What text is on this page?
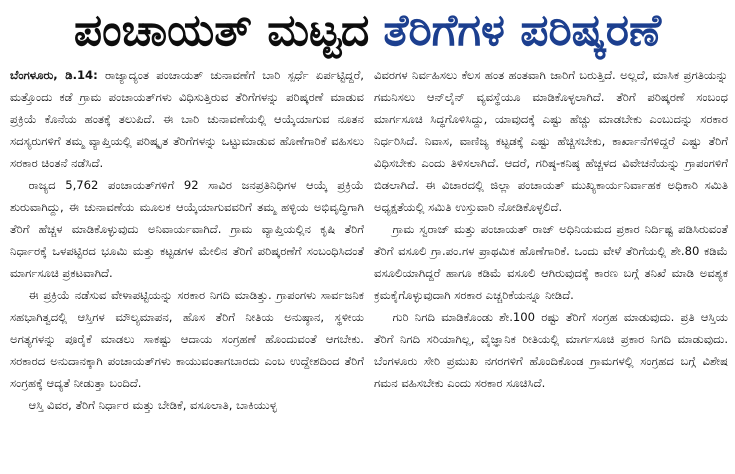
ಪಂಚಾಯತ್ ಮಟ್ಟದ ತೆರಿಗೆಗಳ ಪರಿಷ್ಕರಣೆ

ಬೆಂಗಳೂರು, ಡಿ.14: ರಾಜ್ಯಾದ್ಯಂತ ಪಂಚಾಯತ್ ಚುನಾವಣೆಗೆ ಬಾರಿ ಸ್ಪರ್ಧೆ ಏರ್ಪಟ್ಟಿದ್ದರೆ, ಮತ್ತೊಂದು ಕಡೆ ಗ್ರಾಮ ಪಂಚಾಯತ್‌ಗಳು ವಿಧಿಸುತ್ತಿರುವ ತೆರಿಗೆಗಳನ್ನು ಪರಿಷ್ಕರಣೆ ಮಾಡುವ ಪ್ರಕ್ರಿಯೆ ಕೊನೆಯ ಹಂತಕ್ಕೆ ತಲುಪಿದೆ. ಈ ಬಾರಿ ಚುನಾವಣೆಯಲ್ಲಿ ಆಯ್ಕೆಯಾಗುವ ನೂತನ ಸದಸ್ಯರುಗಳಿಗೆ ತಮ್ಮ ವ್ಯಾಪ್ತಿಯಲ್ಲಿ ಪರಿಷ್ಕೃತ ತೆರಿಗೆಗಳನ್ನು ಒಟ್ಟುಮಾಡುವ ಹೊಣೆಗಾರಿಕೆ ವಹಿಸಲು ಸರಕಾರ ಚಿಂತನೆ ನಡೆಸಿದೆ.

ರಾಜ್ಯದ 5,762 ಪಂಚಾಯತ್‌ಗಳಿಗೆ 92 ಸಾವಿರ ಜನಪ್ರತಿನಿಧಿಗಳ ಆಯ್ಕೆ ಪ್ರಕ್ರಿಯೆ ಶುರುವಾಗಿದ್ದು, ಈ ಚುನಾವಣೆಯ ಮೂಲಕ ಆಯ್ಕೆಯಾಗುವವರಿಗೆ ತಮ್ಮ ಹಳ್ಳಿಯ ಅಭಿವೃದ್ಧಿಗಾಗಿ ತೆರಿಗೆ ಹೆಚ್ಚಳ ಮಾಡಿಕೊಳ್ಳುವುದು ಅನಿವಾರ್ಯವಾಗಿದೆ. ಗ್ರಾಮ ವ್ಯಾಪ್ತಿಯಲ್ಲಿನ ಕೃಷಿ ತೆರಿಗೆ ನಿರ್ಧಾರಕ್ಕೆ ಒಳಪಟ್ಟಿರದ ಭೂಮಿ ಮತ್ತು ಕಟ್ಟಡಗಳ ಮೇಲಿನ ತೆರಿಗೆ ಪರಿಷ್ಕರಣೆಗೆ ಸಂಬಂಧಿಸಿದಂತೆ ಮಾರ್ಗಸೂಚಿ ಪ್ರಕಟವಾಗಿದೆ.

ಈ ಪ್ರಕ್ರಿಯೆ ನಡೆಸುವ ವೇಳಾಪಟ್ಟಿಯನ್ನು ಸರಕಾರ ನಿಗದಿ ಮಾಡಿತ್ತು. ಗ್ರಾಪಂಗಳು ಸಾರ್ವಜನಿಕ ಸಹಭಾಗಿತ್ವದಲ್ಲಿ ಆಸ್ತಿಗಳ ಮೌಲ್ಯಮಾಪನ, ಹೊಸ ತೆರಿಗೆ ನೀತಿಯ ಅನುಷ್ಠಾನ, ಸ್ಥಳೀಯ ಅಗತ್ಯಗಳನ್ನು ಪೂರೈಕೆ ಮಾಡಲು ಸಾಕಷ್ಟು ಆದಾಯ ಸಂಗ್ರಹಣೆ ಹೊಂದುವಂತೆ ಆಗಬೇಕು. ಸರಕಾರದ ಅನುದಾನಕ್ಕಾಗಿ ಪಂಚಾಯತ್‌ಗಳು ಕಾಯುವಂತಾಗಬಾರದು ಎಂಬ ಉದ್ದೇಶದಿಂದ ತೆರಿಗೆ ಸಂಗ್ರಹಕ್ಕೆ ಆದ್ಯತೆ ನೀಡುತ್ತಾ ಬಂದಿದೆ.

ಆಸ್ತಿ ವಿವರ, ತೆರಿಗೆ ನಿರ್ಧಾರ ಮತ್ತು ಬೇಡಿಕೆ, ವಸೂಲಾತಿ, ಬಾಕಿಯುಳ್ಳ

ವಿವರಗಳ ನಿರ್ವಹಿಸಲು ಕೆಲಸ ಹಂತ ಹಂತವಾಗಿ ಜಾರಿಗೆ ಬರುತ್ತಿದೆ. ಅಲ್ಲದೆ, ಮಾಸಿಕ ಪ್ರಗತಿಯನ್ನು ಗಮನಿಸಲು ಆನ್‌ಲೈನ್ ವ್ಯವಸ್ಥೆಯೂ ಮಾಡಿಕೊಳ್ಳಲಾಗಿದೆ. ತೆರಿಗೆ ಪರಿಷ್ಕರಣೆ ಸಂಬಂಧ ಮಾರ್ಗಸೂಚಿ ಸಿದ್ಧಗೊಳಿಸಿದ್ದು, ಯಾವುದಕ್ಕೆ ಎಷ್ಟು ಹೆಚ್ಚು ಮಾಡಬೇಕು ಎಂಬುದನ್ನು ಸರಕಾರ ನಿರ್ಧರಿಸಿದೆ. ನಿವಾಸ, ವಾಣಿಜ್ಯ ಕಟ್ಟಡಕ್ಕೆ ಎಷ್ಟು ಹೆಚ್ಚಿಸಬೇಕು, ಕಾರ್ಖಾನೆಗಳಿದ್ದರೆ ಎಷ್ಟು ತೆರಿಗೆ ವಿಧಿಸಬೇಕು ಎಂದು ತಿಳಿಸಲಾಗಿದೆ. ಆದರೆ, ಗರಿಷ್ಠ-ಕನಿಷ್ಠ ಹೆಚ್ಚಳದ ವಿವೇಚನೆಯನ್ನು ಗ್ರಾಪಂಗಳಿಗೆ ಬಿಡಲಾಗಿದೆ. ಈ ವಿಚಾರದಲ್ಲಿ ಜಿಲ್ಲಾ ಪಂಚಾಯತ್ ಮುಖ್ಯಕಾರ್ಯನಿರ್ವಾಹಕ ಅಧಿಕಾರಿ ಸಮಿತಿ ಅಧ್ಯಕ್ಷತೆಯಲ್ಲಿ ಸಮಿತಿ ಉಸ್ತುವಾರಿ ನೋಡಿಕೊಳ್ಳಲಿದೆ.

ಗ್ರಾಮ ಸ್ವರಾಜ್ ಮತ್ತು ಪಂಚಾಯತ್ ರಾಜ್ ಅಧಿನಿಯಮದ ಪ್ರಕಾರ ನಿರ್ದಿಷ್ಟ ಪಡಿಸಿರುವಂತೆ ತೆರಿಗೆ ವಸೂಲಿ ಗ್ರಾ.ಪಂ.ಗಳ ಪ್ರಾಥಮಿಕ ಹೊಣೆಗಾರಿಕೆ. ಒಂದು ವೇಳೆ ತೆರಿಗೆಯಲ್ಲಿ ಶೇ.80 ಕಡಿಮೆ ವಸೂಲಿಯಾಗಿದ್ದರೆ ಹಾಗೂ ಕಡಿಮೆ ವಸೂಲಿ ಆಗಿರುವುದಕ್ಕೆ ಕಾರಣ ಬಗ್ಗೆ ತನಿಖೆ ಮಾಡಿ ಅವಶ್ಯಕ ಕ್ರಮಕೈಗೊಳ್ಳುವುದಾಗಿ ಸರಕಾರ ಎಚ್ಚರಿಕೆಯನ್ನೂ ನೀಡಿದೆ.

ಗುರಿ ನಿಗದಿ ಮಾಡಿಕೊಂಡು ಶೇ.100 ರಷ್ಟು ತೆರಿಗೆ ಸಂಗ್ರಹ ಮಾಡುವುದು. ಪ್ರತಿ ಆಸ್ತಿಯ ತೆರಿಗೆ ನಿಗದಿ ಸರಿಯಾಗಿಲ್ಲ, ವೈಜ್ಞಾನಿಕ ರೀತಿಯಲ್ಲಿ ಮಾರ್ಗಸೂಚಿ ಪ್ರಕಾರ ನಿಗದಿ ಮಾಡುವುದು. ಬೆಂಗಳೂರು ಸೇರಿ ಪ್ರಮುಖ ನಗರಗಳಿಗೆ ಹೊಂದಿಕೊಂಡ ಗ್ರಾಮಗಳಲ್ಲಿ ಸಂಗ್ರಹದ ಬಗ್ಗೆ ವಿಶೇಷ ಗಮನ ವಹಿಸಬೇಕು ಎಂದು ಸರಕಾರ ಸೂಚಿಸಿದೆ.
